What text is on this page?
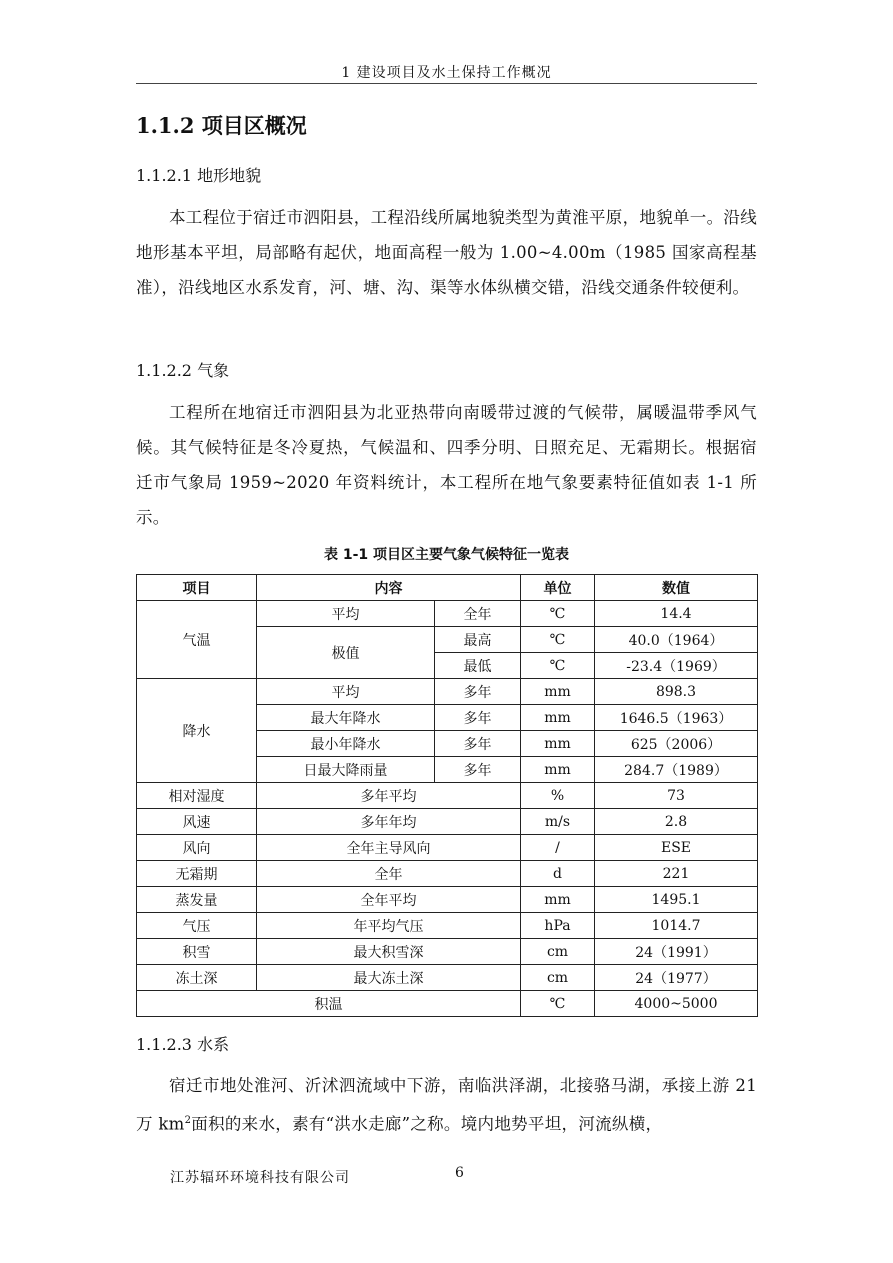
1 建设项目及水土保持工作概况
1.1.2 项目区概况
1.1.2.1 地形地貌

本工程位于宿迁市泗阳县，工程沿线所属地貌类型为黄淮平原，地貌单一。沿线地形基本平坦，局部略有起伏，地面高程一般为 1.00~4.00m（1985 国家高程基准），沿线地区水系发育，河、塘、沟、渠等水体纵横交错，沿线交通条件较便利。

1.1.2.2 气象

工程所在地宿迁市泗阳县为北亚热带向南暖带过渡的气候带，属暖温带季风气候。其气候特征是冬冷夏热，气候温和、四季分明、日照充足、无霜期长。根据宿迁市气象局 1959~2020 年资料统计，本工程所在地气象要素特征值如表 1-1 所示。

表 1-1 项目区主要气象气候特征一览表
项目	内容		单位	数值
气温	平均	全年	℃	14.4
	极值	最高	℃	40.0（1964）
		最低	℃	-23.4（1969）
降水	平均	多年	mm	898.3
	最大年降水	多年	mm	1646.5（1963）
	最小年降水	多年	mm	625（2006）
	日最大降雨量	多年	mm	284.7（1989）
相对湿度	多年平均		%	73
风速	多年年均		m/s	2.8
风向	全年主导风向		/	ESE
无霜期	全年		d	221
蒸发量	全年平均		mm	1495.1
气压	年平均气压		hPa	1014.7
积雪	最大积雪深		cm	24（1991）
冻土深	最大冻土深		cm	24（1977）
积温			℃	4000~5000
1.1.2.3 水系

宿迁市地处淮河、沂沭泗流域中下游，南临洪泽湖，北接骆马湖，承接上游 21 万 $km^2$面积的来水，素有“洪水走廊”之称。境内地势平坦，河流纵横，

江苏辐环环境科技有限公司	6
